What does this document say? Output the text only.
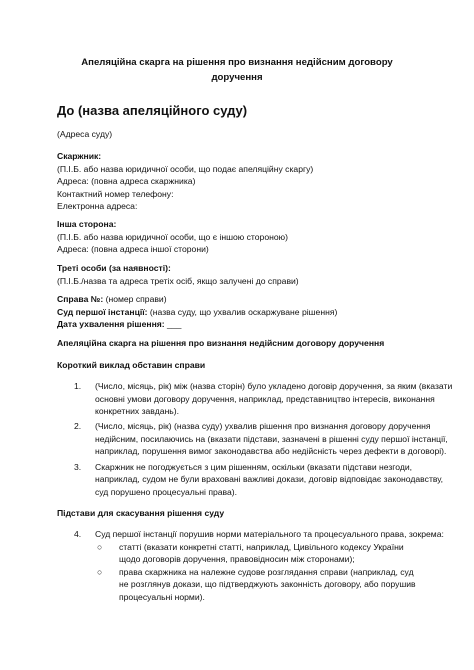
Апеляційна скарга на рішення про визнання недійсним договору доручення
До (назва апеляційного суду)
(Адреса суду)
Скаржник:
(П.І.Б. або назва юридичної особи, що подає апеляційну скаргу)
Адреса: (повна адреса скаржника)
Контактний номер телефону:
Електронна адреса:
Інша сторона:
(П.І.Б. або назва юридичної особи, що є іншою стороною)
Адреса: (повна адреса іншої сторони)
Треті особи (за наявності):
(П.І.Б./назва та адреса третіх осіб, якщо залучені до справи)
Справа №: (номер справи)
Суд першої інстанції: (назва суду, що ухвалив оскаржуване рішення)
Дата ухвалення рішення: ___
Апеляційна скарга на рішення про визнання недійсним договору доручення
Короткий виклад обставин справи
1. (Число, місяць, рік) між (назва сторін) було укладено договір доручення, за яким (вказати основні умови договору доручення, наприклад, представництво інтересів, виконання конкретних завдань).
2. (Число, місяць, рік) (назва суду) ухвалив рішення про визнання договору доручення недійсним, посилаючись на (вказати підстави, зазначені в рішенні суду першої інстанції, наприклад, порушення вимог законодавства або недійсність через дефекти в договорі).
3. Скаржник не погоджується з цим рішенням, оскільки (вказати підстави незгоди, наприклад, судом не були враховані важливі докази, договір відповідає законодавству, суд порушено процесуальні права).
Підстави для скасування рішення суду
4. Суд першої інстанції порушив норми матеріального та процесуального права, зокрема:
○ статті (вказати конкретні статті, наприклад, Цивільного кодексу України щодо договорів доручення, правовідносин між сторонами);
○ права скаржника на належне судове розглядання справи (наприклад, суд не розглянув докази, що підтверджують законність договору, або порушив процесуальні норми).
